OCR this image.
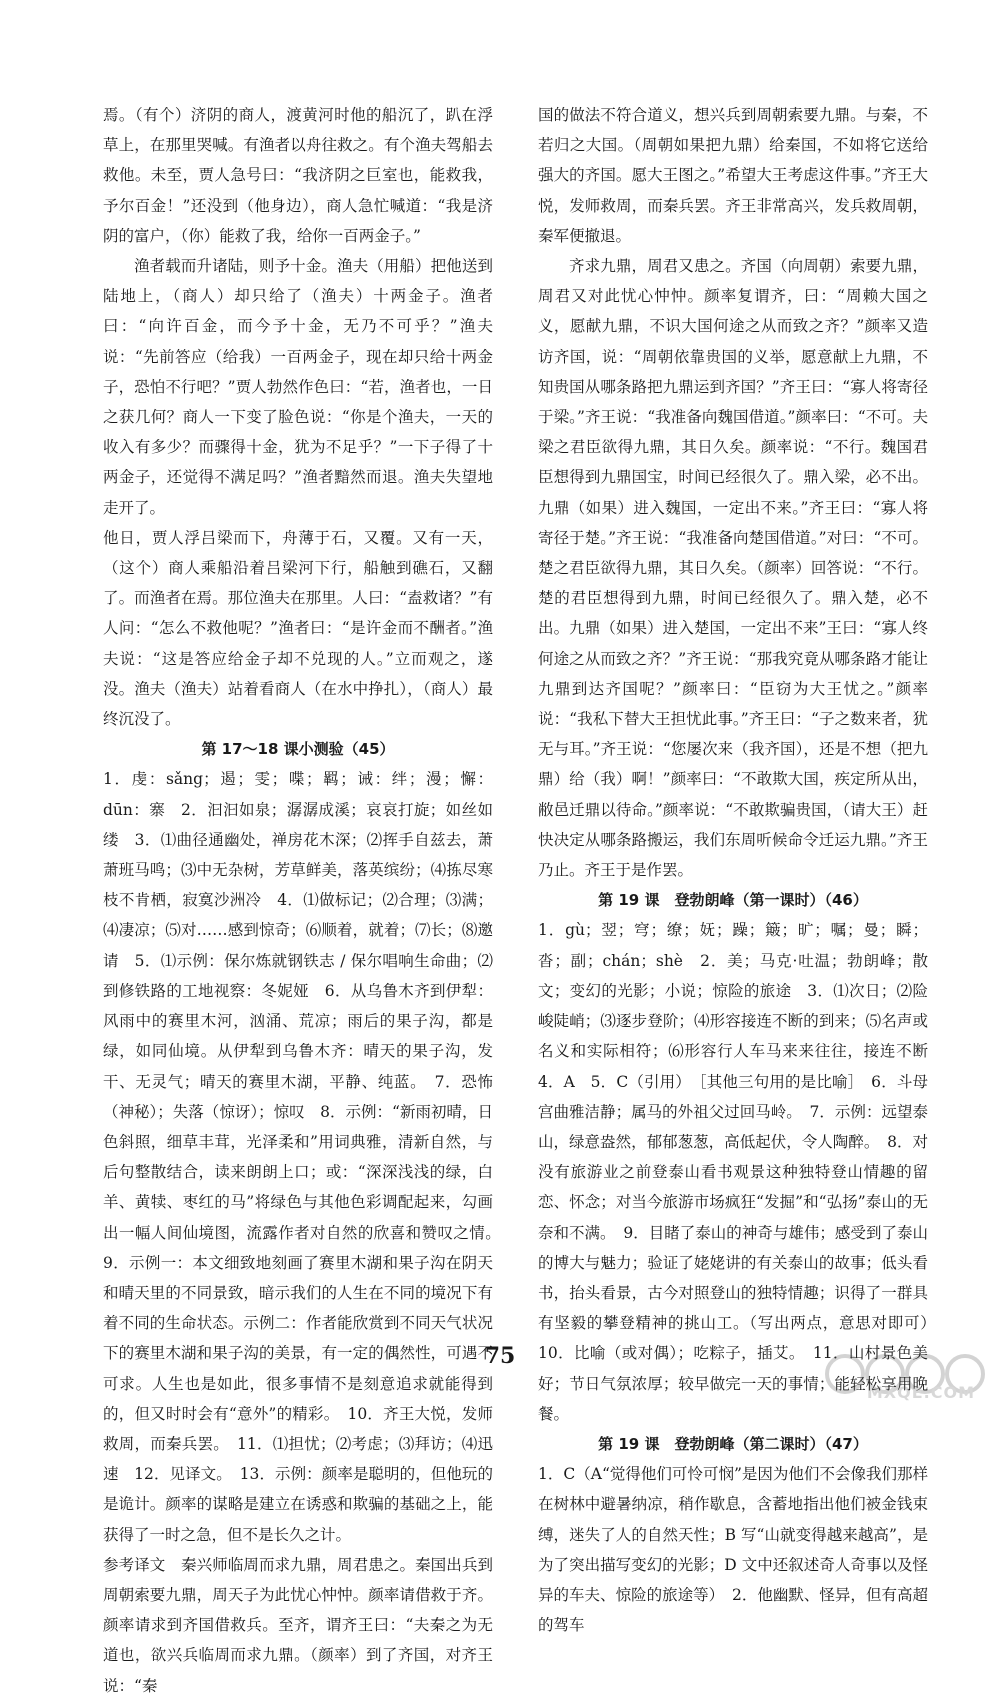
焉。（有个）济阴的商人，渡黄河时他的船沉了，趴在浮草上，在那里哭喊。有渔者以舟往救之。有个渔夫驾船去救他。未至，贾人急号曰：“我济阴之巨室也，能救我，予尔百金！”还没到（他身边），商人急忙喊道：“我是济阴的富户，（你）能救了我，给你一百两金子。”

渔者载而升诸陆，则予十金。渔夫（用船）把他送到陆地上，（商人）却只给了（渔夫）十两金子。渔者曰：“向许百金，而今予十金，无乃不可乎？”渔夫说：“先前答应（给我）一百两金子，现在却只给十两金子，恐怕不行吧？”贾人勃然作色曰：“若，渔者也，一日之获几何？商人一下变了脸色说：“你是个渔夫，一天的收入有多少？而骤得十金，犹为不足乎？”一下子得了十两金子，还觉得不满足吗？”渔者黯然而退。渔夫失望地走开了。

他日，贾人浮吕梁而下，舟薄于石，又覆。又有一天，（这个）商人乘船沿着吕梁河下行，船触到礁石，又翻了。而渔者在焉。那位渔夫在那里。人曰：“盍救诸？”有人问：“怎么不救他呢？”渔者曰：“是许金而不酬者。”渔夫说：“这是答应给金子却不兑现的人。”立而观之，遂没。渔夫（渔夫）站着看商人（在水中挣扎），（商人）最终沉没了。

第 17～18 课小测验（45）

1．虔：sǎng；遏；雯；喋；羁；诫：绊；漫；懈：dūn：寨　2．汩汩如泉；潺潺成溪；哀哀打旋；如丝如缕　3．⑴曲径通幽处，禅房花木深；⑵挥手自兹去，萧萧班马鸣；⑶中无杂树，芳草鲜美，落英缤纷；⑷拣尽寒枝不肯栖，寂寞沙洲冷　4．⑴做标记；⑵合理；⑶满；⑷凄凉；⑸对……感到惊奇；⑹顺着，就着；⑺长；⑻邀请　5．⑴示例：保尔炼就钢铁志 / 保尔唱响生命曲；⑵到修铁路的工地视察：冬妮娅　6．从乌鲁木齐到伊犁：风雨中的赛里木河，汹涌、荒凉；雨后的果子沟，都是绿，如同仙境。从伊犁到乌鲁木齐：晴天的果子沟，发干、无灵气；晴天的赛里木湖，平静、纯蓝。　7．恐怖（神秘）；失落（惊讶）；惊叹　8．示例：“新雨初晴，日色斜照，细草丰茸，光泽柔和”用词典雅，清新自然，与后句整散结合，读来朗朗上口；或：“深深浅浅的绿，白羊、黄犊、枣红的马”将绿色与其他色彩调配起来，勾画出一幅人间仙境图，流露作者对自然的欣喜和赞叹之情。　9．示例一：本文细致地刻画了赛里木湖和果子沟在阴天和晴天里的不同景致，暗示我们的人生在不同的境况下有着不同的生命状态。示例二：作者能欣赏到不同天气状况下的赛里木湖和果子沟的美景，有一定的偶然性，可遇不可求。人生也是如此，很多事情不是刻意追求就能得到的，但又时时会有“意外”的精彩。　10．齐王大悦，发师救周，而秦兵罢。　11．⑴担忧；⑵考虑；⑶拜访；⑷迅速　12．见译文。　13．示例：颜率是聪明的，但他玩的是诡计。颜率的谋略是建立在诱惑和欺骗的基础之上，能获得了一时之急，但不是长久之计。

参考译文　秦兴师临周而求九鼎，周君患之。秦国出兵到周朝索要九鼎，周天子为此忧心忡忡。颜率请借救于齐。颜率请求到齐国借救兵。至齐，谓齐王曰：“夫秦之为无道也，欲兴兵临周而求九鼎。（颜率）到了齐国，对齐王说：“秦

国的做法不符合道义，想兴兵到周朝索要九鼎。与秦，不若归之大国。（周朝如果把九鼎）给秦国，不如将它送给强大的齐国。愿大王图之。”希望大王考虑这件事。”齐王大悦，发师救周，而秦兵罢。齐王非常高兴，发兵救周朝，秦军便撤退。

齐求九鼎，周君又患之。齐国（向周朝）索要九鼎，周君又对此忧心忡忡。颜率复谓齐，曰：“周赖大国之义，愿献九鼎，不识大国何途之从而致之齐？”颜率又造访齐国，说：“周朝依靠贵国的义举，愿意献上九鼎，不知贵国从哪条路把九鼎运到齐国？”齐王曰：“寡人将寄径于梁。”齐王说：“我准备向魏国借道。”颜率曰：“不可。夫梁之君臣欲得九鼎，其日久矣。颜率说：“不行。魏国君臣想得到九鼎国宝，时间已经很久了。鼎入梁，必不出。九鼎（如果）进入魏国，一定出不来。”齐王曰：“寡人将寄径于楚。”齐王说：“我准备向楚国借道。”对曰：“不可。楚之君臣欲得九鼎，其日久矣。（颜率）回答说：“不行。楚的君臣想得到九鼎，时间已经很久了。鼎入楚，必不出。九鼎（如果）进入楚国，一定出不来”王曰：“寡人终何途之从而致之齐？”齐王说：“那我究竟从哪条路才能让九鼎到达齐国呢？”颜率曰：“臣窃为大王忧之。”颜率说：“我私下替大王担忧此事。”齐王曰：“子之数来者，犹无与耳。”齐王说：“您屡次来（我齐国），还是不想（把九鼎）给（我）啊！”颜率曰：“不敢欺大国，疾定所从出，敝邑迁鼎以待命。”颜率说：“不敢欺骗贵国，（请大王）赶快决定从哪条路搬运，我们东周听候命令迁运九鼎。”齐王乃止。齐王于是作罢。

第 19 课　登勃朗峰（第一课时）（46）

1．gù；翌；穹；缭；妩；躁；簸；旷；嘱；曼；瞬；沓；副；chán；shè　2．美；马克·吐温；勃朗峰；散文；变幻的光影；小说；惊险的旅途　3．⑴次日；⑵险峻陡峭；⑶逐步登阶；⑷形容接连不断的到来；⑸名声或名义和实际相符；⑹形容行人车马来来往往，接连不断　4．A　5．C（引用）　［其他三句用的是比喻］　6．斗母宫曲雅洁静；属马的外祖父过回马岭。　7．示例：远望泰山，绿意盎然，郁郁葱葱，高低起伏，令人陶醉。　8．对没有旅游业之前登泰山看书观景这种独特登山情趣的留恋、怀念；对当今旅游市场疯狂“发掘”和“弘扬”泰山的无奈和不满。　9．目睹了泰山的神奇与雄伟；感受到了泰山的博大与魅力；验证了姥姥讲的有关泰山的故事；低头看书，抬头看景，古今对照登山的独特情趣；识得了一群具有坚毅的攀登精神的挑山工。（写出两点，意思对即可）　10．比喻（或对偶）；吃粽子，插艾。　11．山村景色美好；节日气氛浓厚；较早做完一天的事情；能轻松享用晚餐。

第 19 课　登勃朗峰（第二课时）（47）

1．C（A“觉得他们可怜可悯”是因为他们不会像我们那样在树林中避暑纳凉，稍作歇息，含蓄地指出他们被金钱束缚，迷失了人的自然天性；B 写“山就变得越来越高”，是为了突出描写变幻的光影；D 文中还叙述奇人奇事以及怪异的车夫、惊险的旅途等）　2．他幽默、怪异，但有高超的驾车

75
MXQE.COM
